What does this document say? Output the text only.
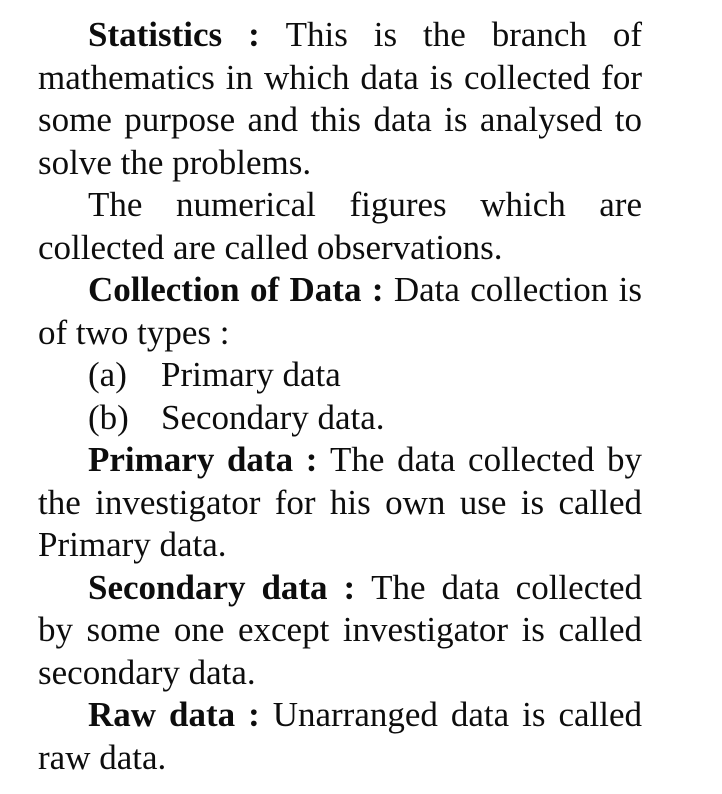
Statistics : This is the branch of mathematics in which data is collected for some purpose and this data is analysed to solve the problems.

The numerical figures which are collected are called observations.

Collection of Data : Data collection is of two types :

(a) Primary data
(b) Secondary data.

Primary data : The data collected by the investigator for his own use is called Primary data.

Secondary data : The data collected by some one except investigator is called secondary data.

Raw data : Unarranged data is called raw data.
